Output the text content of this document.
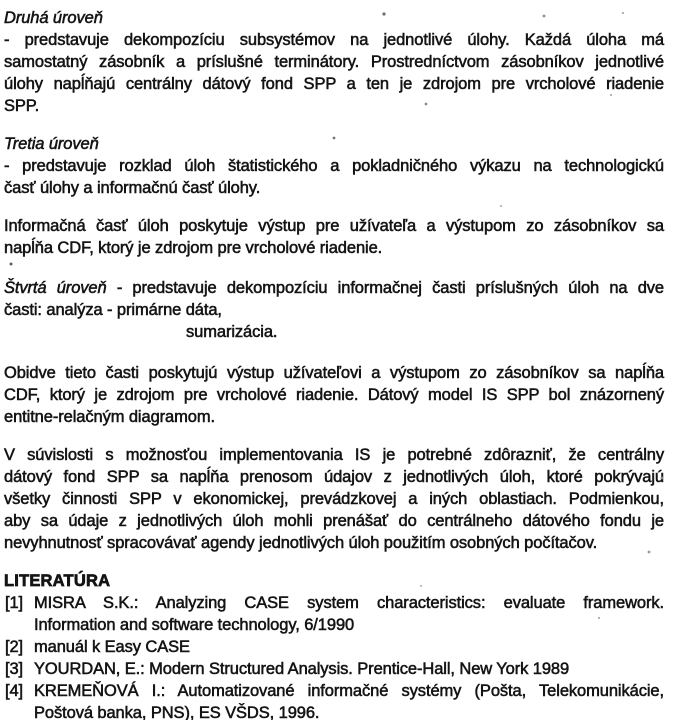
Druhá úroveň
- predstavuje dekompozíciu subsystémov na jednotlivé úlohy. Každá úloha má
samostatný zásobník a príslušné terminátory. Prostredníctvom zásobníkov jednotlivé
úlohy napĺňajú centrálny dátový fond SPP a ten je zdrojom pre vrcholové riadenie
SPP.
Tretia úroveň
- predstavuje rozklad úloh štatistického a pokladničného výkazu na technologickú
časť úlohy a informačnú časť úlohy.
Informačná časť úloh poskytuje výstup pre užívateľa a výstupom zo zásobníkov sa
napĺňa CDF, ktorý je zdrojom pre vrcholové riadenie.
Štvrtá úroveň - predstavuje dekompozíciu informačnej časti príslušných úloh na dve
časti: analýza - primárne dáta,
sumarizácia.
Obidve tieto časti poskytujú výstup užívateľovi a výstupom zo zásobníkov sa napĺňa
CDF, ktorý je zdrojom pre vrcholové riadenie. Dátový model IS SPP bol znázornený
entitne-relačným diagramom.
V súvislosti s možnosťou implementovania IS je potrebné zdôrazniť, že centrálny
dátový fond SPP sa napĺňa prenosom údajov z jednotlivých úloh, ktoré pokrývajú
všetky činnosti SPP v ekonomickej, prevádzkovej a iných oblastiach. Podmienkou,
aby sa údaje z jednotlivých úloh mohli prenášať do centrálneho dátového fondu je
nevyhnutnosť spracovávať agendy jednotlivých úloh použitím osobných počítačov.
LITERATÚRA
[1] MISRA S.K.: Analyzing CASE system characteristics: evaluate framework.
Information and software technology, 6/1990
[2] manuál k Easy CASE
[3] YOURDAN, E.: Modern Structured Analysis. Prentice-Hall, New York 1989
[4] KREMEŇOVÁ I.: Automatizované informačné systémy (Pošta, Telekomunikácie,
Poštová banka, PNS), ES VŠDS, 1996.
